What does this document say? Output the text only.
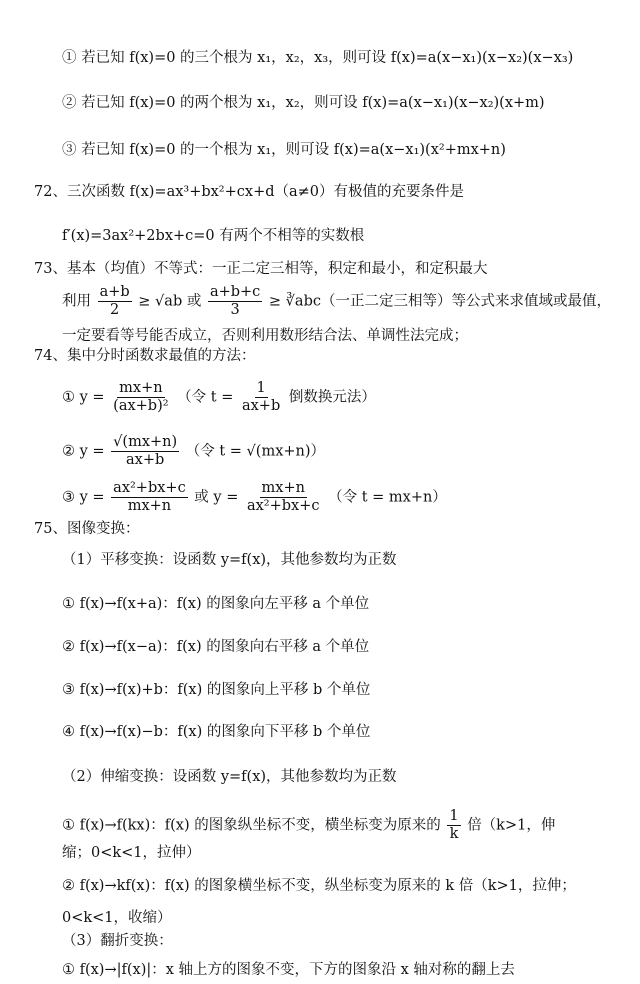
① 若已知 f(x)=0 的三个根为 x₁，x₂，x₃，则可设 f(x)=a(x−x₁)(x−x₂)(x−x₃)
② 若已知 f(x)=0 的两个根为 x₁，x₂，则可设 f(x)=a(x−x₁)(x−x₂)(x+m)
③ 若已知 f(x)=0 的一个根为 x₁，则可设 f(x)=a(x−x₁)(x²+mx+n)
72、三次函数 f(x)=ax³+bx²+cx+d（a≠0）有极值的充要条件是
f′(x)=3ax²+2bx+c=0 有两个不相等的实数根
73、基本（均值）不等式：一正二定三相等，积定和最小，和定积最大
利用 $\frac{a+b}{2} \ge √ab$ 或 $\frac{a+b+c}{3}$ ≥ ∛abc（一正二定三相等）等公式来求值域或最值，
一定要看等号能否成立，否则利用数形结合法、单调性法完成；
74、集中分时函数求最值的方法：
① $y = \frac{mx+n}{\text{(ax+b)²}}$ （令 $t = \frac{1}{ax+b}$ 倒数换元法）
② $y = \frac{√(mx+n)}{ax+b}$ （令 t = √(mx+n)）
③ $y = \frac{\text{ax²+bx+c}}{mx+n}$ 或 $y = \frac{mx+n}{\text{ax²+bx+c}}$ （令 t = mx+n）
75、图像变换：
（1）平移变换：设函数 y=f(x)，其他参数均为正数
① f(x)→f(x+a)：f(x) 的图象向左平移 a 个单位
② f(x)→f(x−a)：f(x) 的图象向右平移 a 个单位
③ f(x)→f(x)+b：f(x) 的图象向上平移 b 个单位
④ f(x)→f(x)−b：f(x) 的图象向下平移 b 个单位
（2）伸缩变换：设函数 y=f(x)，其他参数均为正数
① f(x)→f(kx)：f(x) 的图象纵坐标不变，横坐标变为原来的 $\frac{1}{k}$ 倍（k>1，伸
缩；0<k<1，拉伸）
② f(x)→kf(x)：f(x) 的图象横坐标不变，纵坐标变为原来的 k 倍（k>1，拉伸；
0<k<1，收缩）
（3）翻折变换：
① f(x)→|f(x)|：x 轴上方的图象不变，下方的图象沿 x 轴对称的翻上去
